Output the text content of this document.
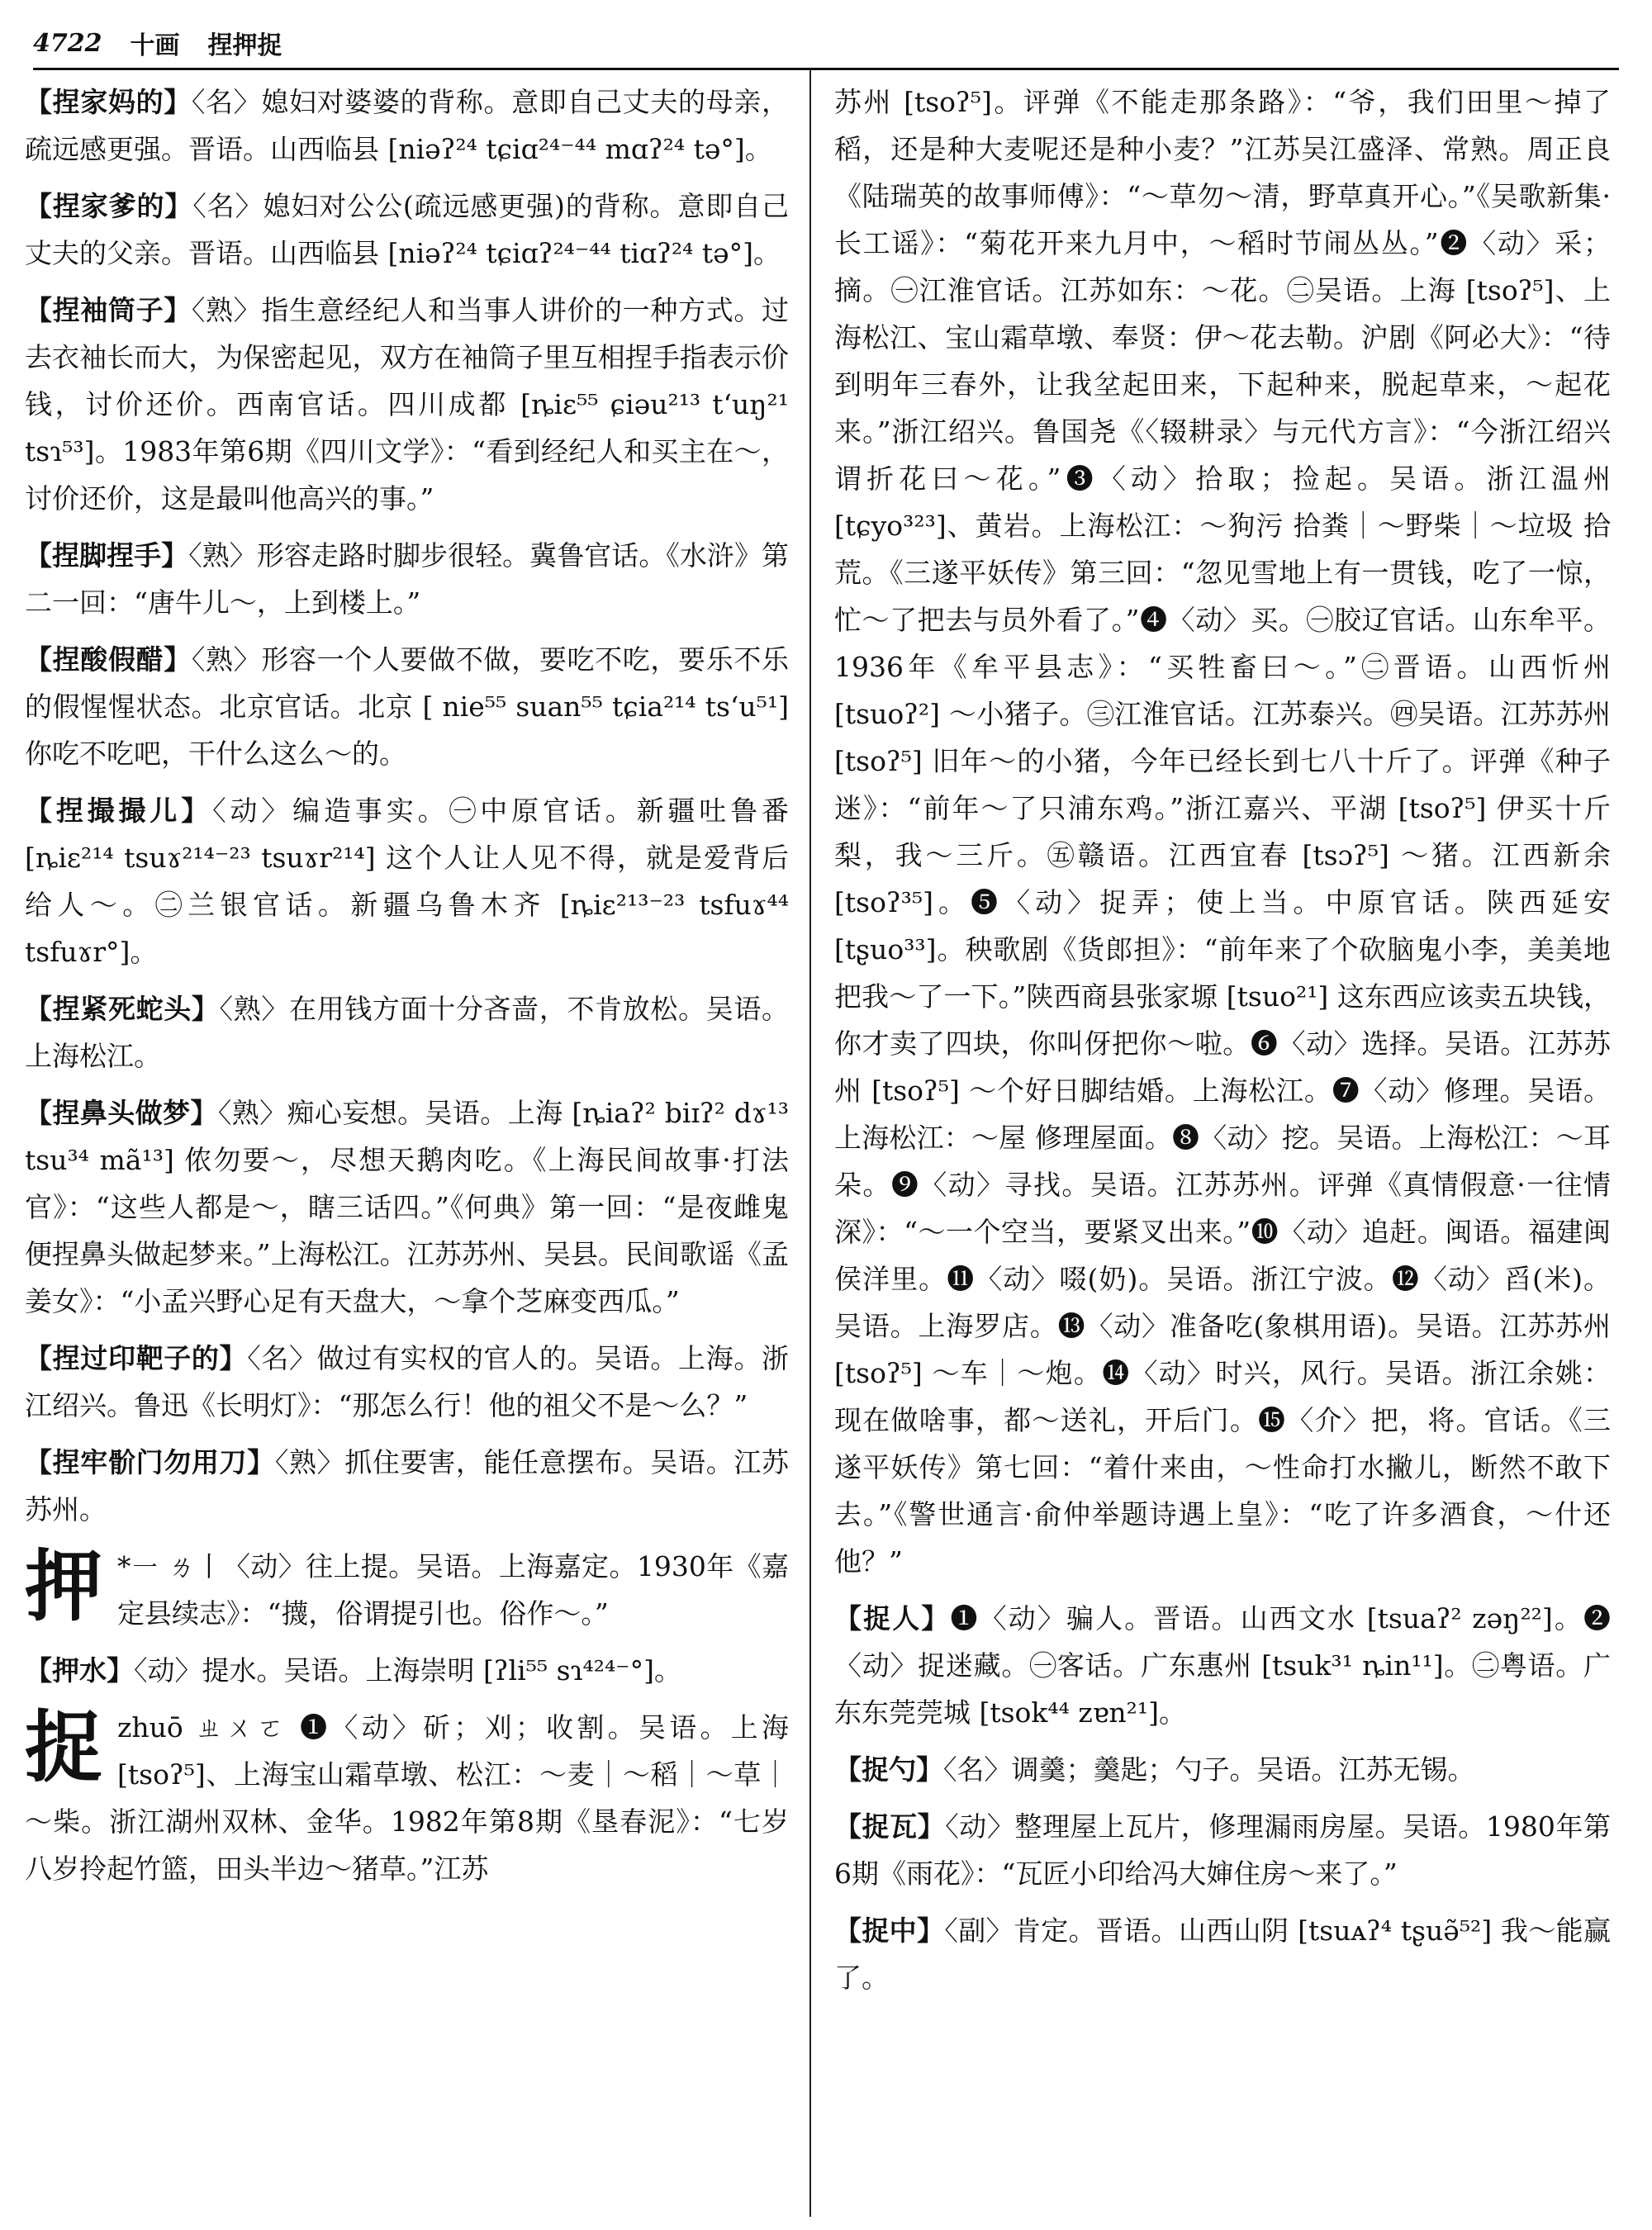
4722 十画 捏押捉
【捏家妈的】〈名〉媳妇对婆婆的背称。意即自己丈夫的母亲，疏远感更强。晋语。山西临县 [niəʔ²⁴ tɕiɑ²⁴⁻⁴⁴ mɑʔ²⁴ tə°]。
【捏家爹的】〈名〉媳妇对公公(疏远感更强)的背称。意即自己丈夫的父亲。晋语。山西临县 [niəʔ²⁴ tɕiɑʔ²⁴⁻⁴⁴ tiɑʔ²⁴ tə°]。
【捏袖筒子】〈熟〉指生意经纪人和当事人讲价的一种方式。过去衣袖长而大，为保密起见，双方在袖筒子里互相捏手指表示价钱，讨价还价。西南官话。四川成都 [ȵiɛ⁵⁵ ɕiəu²¹³ tʻuŋ²¹ tsɿ⁵³]。1983年第6期《四川文学》：“看到经纪人和买主在～，讨价还价，这是最叫他高兴的事。”
【捏脚捏手】〈熟〉形容走路时脚步很轻。冀鲁官话。《水浒》第二一回：“唐牛儿～，上到楼上。”
【捏酸假醋】〈熟〉形容一个人要做不做，要吃不吃，要乐不乐的假惺惺状态。北京官话。北京 [ nie⁵⁵ suan⁵⁵ tɕia²¹⁴ tsʻu⁵¹] 你吃不吃吧，干什么这么～的。
【捏撮撮儿】〈动〉编造事实。㊀中原官话。新疆吐鲁番 [ȵiɛ²¹⁴ tsuɤ²¹⁴⁻²³ tsuɤr²¹⁴] 这个人让人见不得，就是爱背后给人～。㊁兰银官话。新疆乌鲁木齐 [ȵiɛ²¹³⁻²³ tsfuɤ⁴⁴ tsfuɤr°]。
【捏紧死蛇头】〈熟〉在用钱方面十分吝啬，不肯放松。吴语。上海松江。
【捏鼻头做梦】〈熟〉痴心妄想。吴语。上海 [ȵiaʔ² biɪʔ² dɤ¹³ tsu³⁴ mã¹³] 侬勿要～，尽想天鹅肉吃。《上海民间故事·打法官》：“这些人都是～，瞎三话四。”《何典》第一回：“是夜雌鬼便捏鼻头做起梦来。”上海松江。江苏苏州、吴县。民间歌谣《孟姜女》：“小孟兴野心足有天盘大，～拿个芝麻变西瓜。”
【捏过印靶子的】〈名〉做过有实权的官人的。吴语。上海。浙江绍兴。鲁迅《长明灯》：“那怎么行！他的祖父不是～么？”
【捏牢骱门勿用刀】〈熟〉抓住要害，能任意摆布。吴语。江苏苏州。
押 *㇐ ㄌ丨〈动〉往上提。吴语。上海嘉定。1930年《嘉定县续志》：“㩢，俗谓提引也。俗作～。”
【押水】〈动〉提水。吴语。上海崇明 [ʔli⁵⁵ sɿ⁴²⁴⁻°]。
捉zhuō ㄓㄨㄛ ❶〈动〉斫；刈；收割。吴语。上海 [tsoʔ⁵]、上海宝山霜草墩、松江：～麦｜～稻｜～草｜～柴。浙江湖州双林、金华。1982年第8期《垦春泥》：“七岁八岁拎起竹篮，田头半边～猪草。”江苏
苏州 [tsoʔ⁵]。评弹《不能走那条路》：“爷，我们田里～掉了稻，还是种大麦呢还是种小麦？”江苏吴江盛泽、常熟。周正良《陆瑞英的故事师傅》：“～草勿～清，野草真开心。”《吴歌新集·长工谣》：“菊花开来九月中，～稻时节闹丛丛。”❷〈动〉采；摘。㊀江淮官话。江苏如东：～花。㊁吴语。上海 [tsoʔ⁵]、上海松江、宝山霜草墩、奉贤：伊～花去勒。沪剧《阿必大》：“待到明年三春外，让我坌起田来，下起种来，脱起草来，～起花来。”浙江绍兴。鲁国尧《〈辍耕录〉与元代方言》：“今浙江绍兴谓折花曰～花。”❸〈动〉拾取；捡起。吴语。浙江温州 [tɕyo³²³]、黄岩。上海松江：～狗污 拾粪｜～野柴｜～垃圾 拾荒。《三遂平妖传》第三回：“忽见雪地上有一贯钱，吃了一惊，忙～了把去与员外看了。”❹〈动〉买。㊀胶辽官话。山东牟平。1936年《牟平县志》：“买牲畜曰～。”㊁晋语。山西忻州 [tsuoʔ²] ～小猪子。㊂江淮官话。江苏泰兴。㊃吴语。江苏苏州 [tsoʔ⁵] 旧年～的小猪，今年已经长到七八十斤了。评弹《种子迷》：“前年～了只浦东鸡。”浙江嘉兴、平湖 [tsoʔ⁵] 伊买十斤梨，我～三斤。㊄赣语。江西宜春 [tsɔʔ⁵] ～猪。江西新余 [tsoʔ³⁵]。❺〈动〉捉弄；使上当。中原官话。陕西延安 [tʂuo³³]。秧歌剧《货郎担》：“前年来了个砍脑鬼小李，美美地把我～了一下。”陕西商县张家塬 [tsuo²¹] 这东西应该卖五块钱，你才卖了四块，你叫伢把你～啦。❻〈动〉选择。吴语。江苏苏州 [tsoʔ⁵] ～个好日脚结婚。上海松江。❼〈动〉修理。吴语。上海松江：～屋 修理屋面。❽〈动〉挖。吴语。上海松江：～耳朵。❾〈动〉寻找。吴语。江苏苏州。评弹《真情假意·一往情深》：“～一个空当，要紧叉出来。”❿〈动〉追赶。闽语。福建闽侯洋里。⓫〈动〉啜(奶)。吴语。浙江宁波。⓬〈动〉舀(米)。吴语。上海罗店。⓭〈动〉准备吃(象棋用语)。吴语。江苏苏州 [tsoʔ⁵] ～车｜～炮。⓮〈动〉时兴，风行。吴语。浙江余姚：现在做啥事，都～送礼，开后门。⓯〈介〉把，将。官话。《三遂平妖传》第七回：“着什来由，～性命打水撇儿，断然不敢下去。”《警世通言·俞仲举题诗遇上皇》：“吃了许多酒食，～什还他？”
【捉人】❶〈动〉骗人。晋语。山西文水 [tsuaʔ² zəŋ²²]。❷〈动〉捉迷藏。㊀客话。广东惠州 [tsuk³¹ ȵin¹¹]。㊁粤语。广东东莞莞城 [tsok⁴⁴ zɐn²¹]。
【捉勺】〈名〉调羹；羹匙；勺子。吴语。江苏无锡。
【捉瓦】〈动〉整理屋上瓦片，修理漏雨房屋。吴语。1980年第6期《雨花》：“瓦匠小印给冯大婶住房～来了。”
【捉中】〈副〉肯定。晋语。山西山阴 [tsuᴀʔ⁴ tʂuə̃⁵²] 我～能赢了。
